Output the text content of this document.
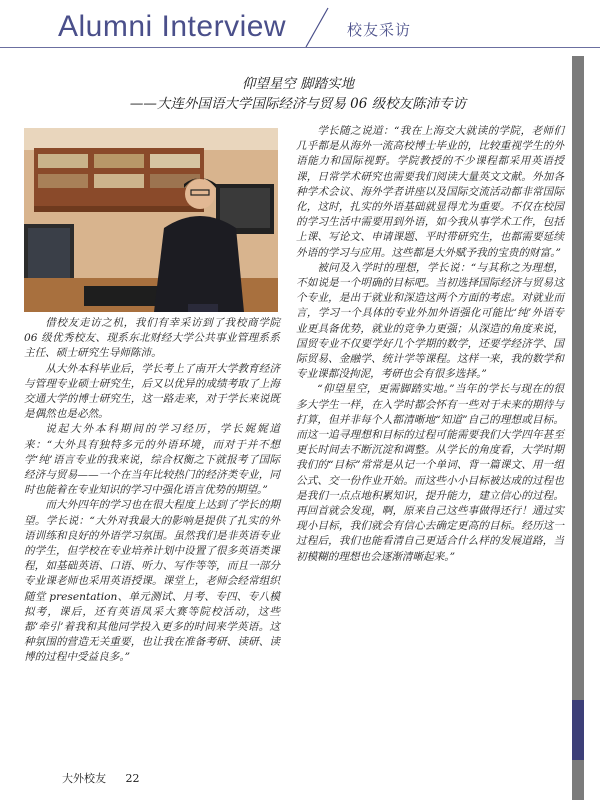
Alumni Interview	校友采访
仰望星空 脚踏实地
——大连外国语大学国际经济与贸易 06 级校友陈沛专访

借校友走访之机，我们有幸采访到了我校商学院 06 级优秀校友、现系东北财经大学公共事业管理系系主任、硕士研究生导师陈沛。

从大外本科毕业后，学长考上了南开大学教育经济与管理专业硕士研究生，后又以优异的成绩考取了上海交通大学的博士研究生，这一路走来，对于学长来说既是偶然也是必然。

说起大外本科期间的学习经历，学长娓娓道来：“大外具有独特多元的外语环境，而对于并不想学‘纯’语言专业的我来说，综合权衡之下就报考了国际经济与贸易——一个在当年比较热门的经济类专业，同时也能着在专业知识的学习中强化语言优势的期望。”

而大外四年的学习也在很大程度上达到了学长的期望。学长说：“大外对我最大的影响是提供了扎实的外语训练和良好的外语学习氛围。虽然我们是非英语专业的学生，但学校在专业培养计划中设置了很多英语类课程，如基础英语、口语、听力、写作等等，而且一部分专业课老师也采用英语授课。课堂上，老师会经常组织随堂 presentation、单元测试、月考、专四、专八模拟考，课后，还有英语凤采大赛等院校活动，这些都‘牵引’着我和其他同学投入更多的时间来学英语。这种氛围的营造无关重要，也让我在准备考研、读研、读博的过程中受益良多。”

学长随之说道：“我在上海交大就读的学院，老师们几乎都是从海外一流高校博士毕业的，比较重视学生的外语能力和国际视野。学院教授的不少课程都采用英语授课，日常学术研究也需要我们阅读大量英文文献。外加各种学术会议、海外学者讲座以及国际交流活动都非常国际化，这时，扎实的外语基础就显得尤为重要。不仅在校园的学习生活中需要用到外语，如今我从事学术工作，包括上课、写论文、申请课题、平时带研究生，也都需要延续外语的学习与应用。这些都是大外赋予我的宝贵的财富。”

被问及入学时的理想，学长说：“与其称之为理想，不如说是一个明确的目标吧。当初选择国际经济与贸易这个专业，是出于就业和深造这两个方面的考虑。对就业而言，学习一个具体的专业外加外语强化可能比‘纯’外语专业更具备优势，就业的竞争力更强；从深造的角度来说，国贸专业不仅要学好几个学期的数学，还要学经济学、国际贸易、金融学、统计学等课程。这样一来，我的数学和专业课都没拘泥，考研也会有很多选择。”

“仰望星空，更需脚踏实地。”当年的学长与现在的很多大学生一样，在入学时都会怀有一些对于未来的期待与打算，但并非每个人都清晰地“知道”自己的理想或目标。而这一追寻理想和目标的过程可能需要我们大学四年甚至更长时间去不断沉淀和调整。从学长的角度看，大学时期我们的“目标”常常是从记一个单词、背一篇课文、用一组公式、交一份作业开始。而这些小小目标被达成的过程也是我们一点点地积累知识，提升能力，建立信心的过程。再回首就会发现，啊，原来自己这些事做得还行！通过实现小目标，我们就会有信心去确定更高的目标。经历这一过程后，我们也能看清自己更适合什么样的发展道路，当初模糊的理想也会逐渐清晰起来。”

大外校友 22
